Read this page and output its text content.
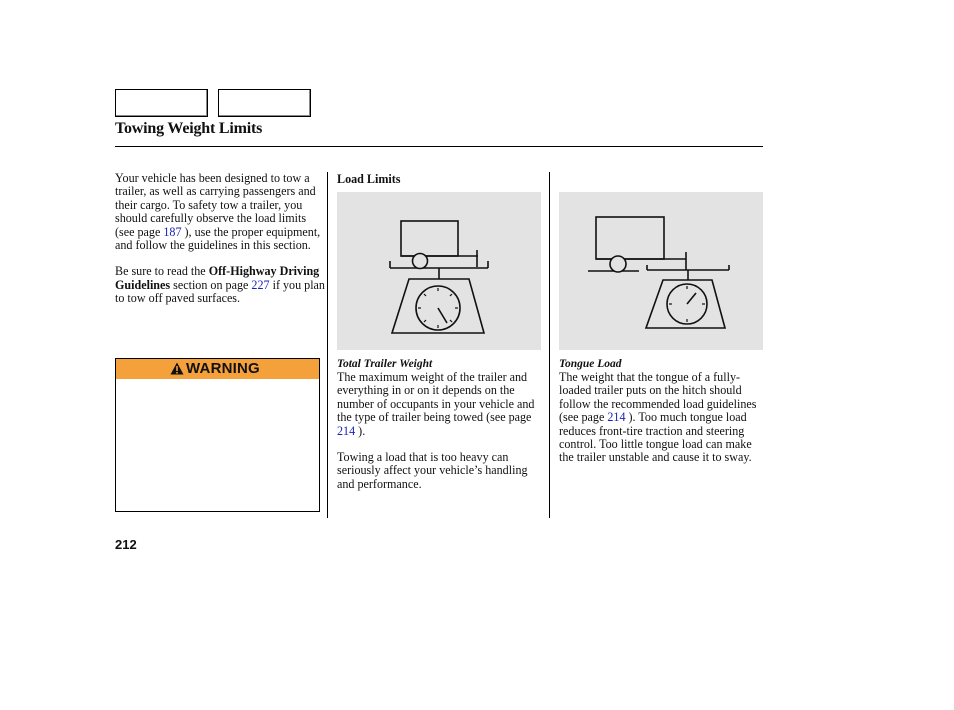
Towing Weight Limits

Your vehicle has been designed to tow a trailer, as well as carrying passengers and their cargo. To safety tow a trailer, you should carefully observe the load limits (see page 187 ), use the proper equipment, and follow the guidelines in this section.

Be sure to read the Off-Highway Driving Guidelines section on page 227 if you plan to tow off paved surfaces.

WARNING
Load Limits
Total Trailer Weight	Tongue Load

The maximum weight of the trailer and everything in or on it depends on the number of occupants in your vehicle and the type of trailer being towed (see page 214 ).

Towing a load that is too heavy can seriously affect your vehicle’s handling and performance.

The weight that the tongue of a fully-loaded trailer puts on the hitch should follow the recommended load guidelines (see page 214 ). Too much tongue load reduces front-tire traction and steering control. Too little tongue load can make the trailer unstable and cause it to sway.

212
